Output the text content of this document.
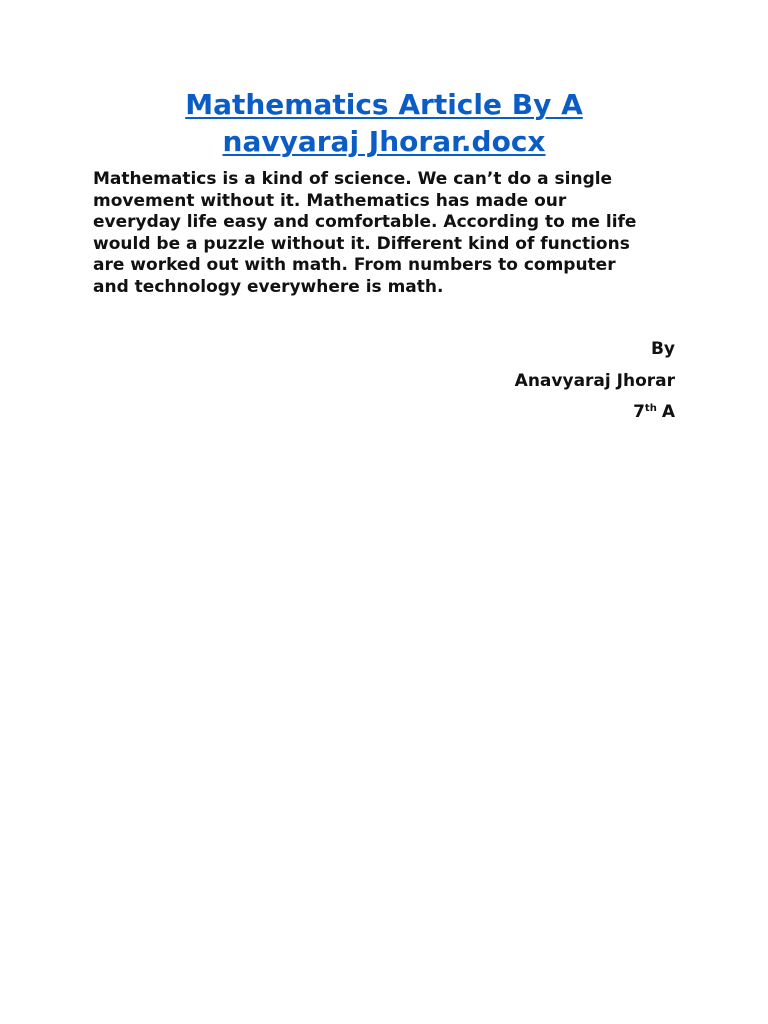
Mathematics Article By A
navyaraj Jhorar.docx

Mathematics is a kind of science. We can’t do a single
movement without it. Mathematics has made our
everyday life easy and comfortable. According to me life
would be a puzzle without it. Different kind of functions
are worked out with math. From numbers to computer
and technology everywhere is math.

By
Anavyaraj Jhorar
7th A
